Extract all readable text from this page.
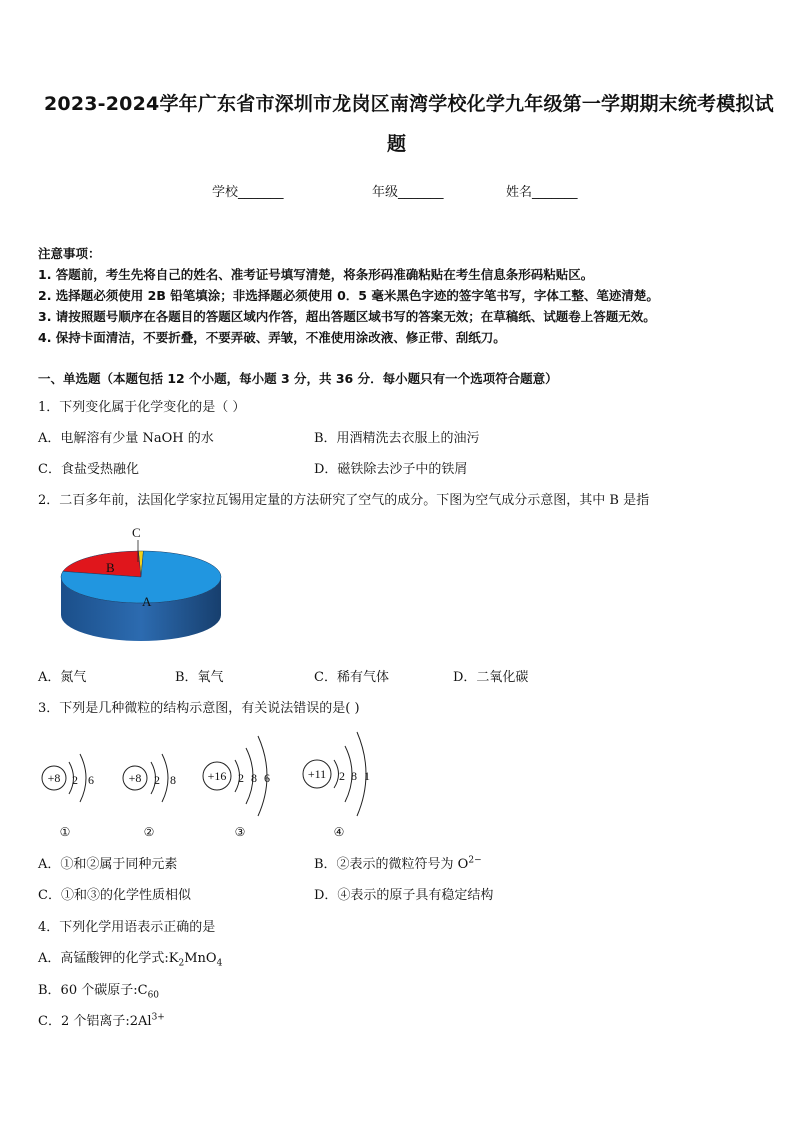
2023-2024学年广东省市深圳市龙岗区南湾学校化学九年级第一学期期末统考模拟试
题
学校_______	年级_______	姓名_______
注意事项：
1. 答题前，考生先将自己的姓名、准考证号填写清楚，将条形码准确粘贴在考生信息条形码粘贴区。
2. 选择题必须使用 2B 铅笔填涂；非选择题必须使用 0．5 毫米黑色字迹的签字笔书写，字体工整、笔迹清楚。
3. 请按照题号顺序在各题目的答题区域内作答，超出答题区域书写的答案无效；在草稿纸、试题卷上答题无效。
4. 保持卡面清洁，不要折叠，不要弄破、弄皱，不准使用涂改液、修正带、刮纸刀。
一、单选题（本题包括 12 个小题，每小题 3 分，共 36 分．每小题只有一个选项符合题意）
1．下列变化属于化学变化的是（ ）
A．电解溶有少量 NaOH 的水	B．用酒精洗去衣服上的油污
C．食盐受热融化	D．磁铁除去沙子中的铁屑
2．二百多年前，法国化学家拉瓦锡用定量的方法研究了空气的成分。下图为空气成分示意图，其中 B 是指
C
B
A
A．氮气	B．氧气	C．稀有气体	D．二氧化碳
3．下列是几种微粒的结构示意图，有关说法错误的是( )
+8 2 6
①
+8 2 8
②
+16 2 8 6
③
+11 2 8 1
④
A．①和②属于同种元素	B．②表示的微粒符号为 $O^{2-}$
C．①和③的化学性质相似	D．④表示的原子具有稳定结构
4．下列化学用语表示正确的是
A．高锰酸钾的化学式$:K_2MnO_4$
B．60 个碳原子$:C_{60}$
C．2 个铝离子$:2Al^{3+}$
